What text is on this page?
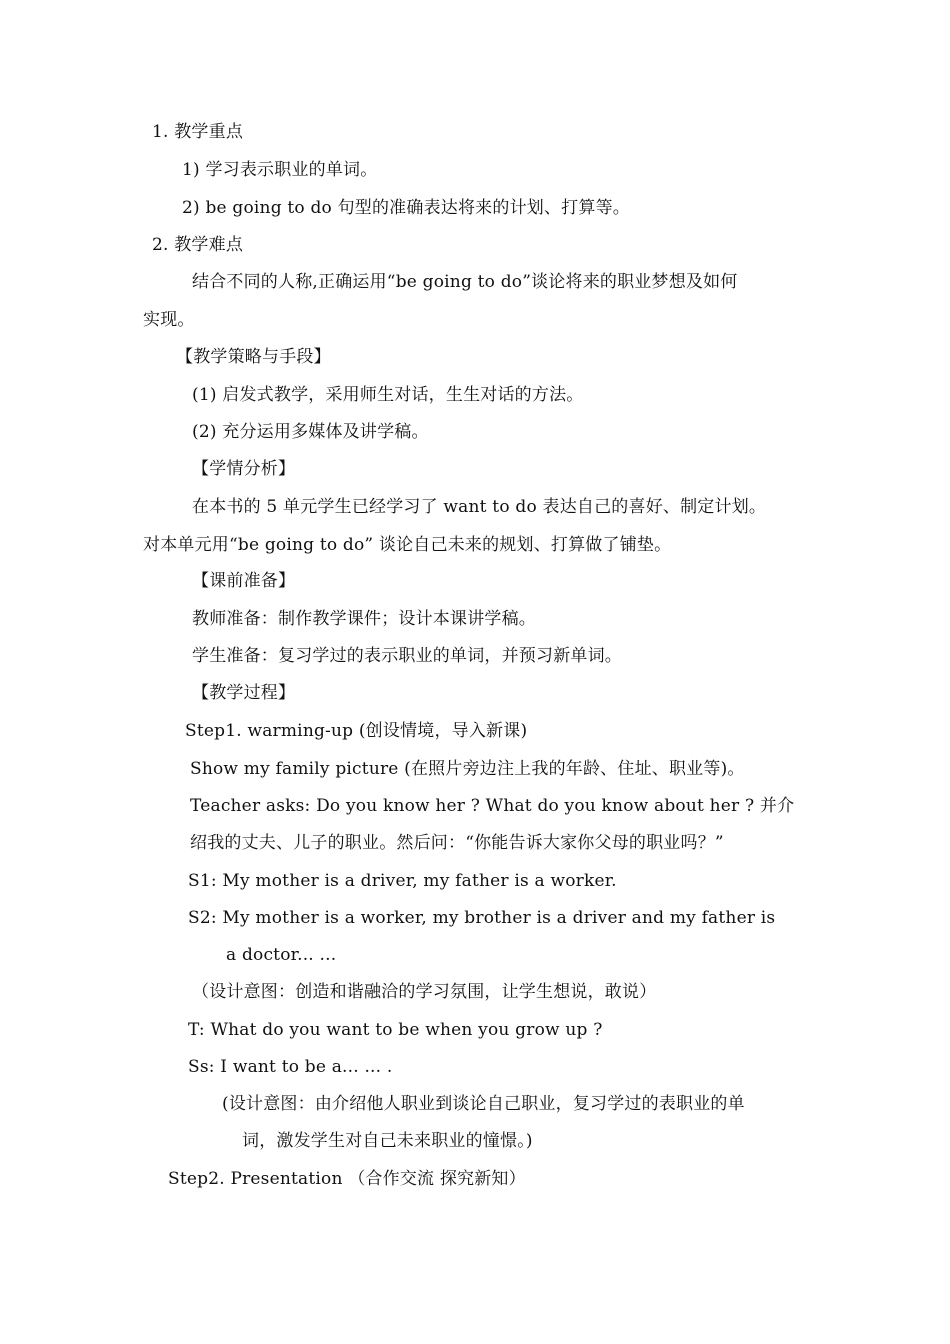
1. 教学重点
1) 学习表示职业的单词。
2) be going to do 句型的准确表达将来的计划、打算等。
2. 教学难点
结合不同的人称,正确运用“be going to do”谈论将来的职业梦想及如何
实现。
【教学策略与手段】
(1) 启发式教学，采用师生对话，生生对话的方法。
(2) 充分运用多媒体及讲学稿。
【学情分析】
在本书的 5 单元学生已经学习了 want to do 表达自己的喜好、制定计划。
对本单元用“be going to do” 谈论自己未来的规划、打算做了铺垫。
【课前准备】
教师准备：制作教学课件；设计本课讲学稿。
学生准备：复习学过的表示职业的单词，并预习新单词。
【教学过程】
Step1. warming-up (创设情境，导入新课)
Show my family picture (在照片旁边注上我的年龄、住址、职业等)。
Teacher asks: Do you know her ? What do you know about her ? 并介
绍我的丈夫、儿子的职业。然后问：“你能告诉大家你父母的职业吗？”
S1: My mother is a driver, my father is a worker.
S2: My mother is a worker, my brother is a driver and my father is
a doctor... ...
（设计意图：创造和谐融洽的学习氛围，让学生想说，敢说）
T: What do you want to be when you grow up ?
Ss: I want to be a... ... .
(设计意图：由介绍他人职业到谈论自己职业，复习学过的表职业的单
词，激发学生对自己未来职业的憧憬。)
Step2. Presentation （合作交流 探究新知）
